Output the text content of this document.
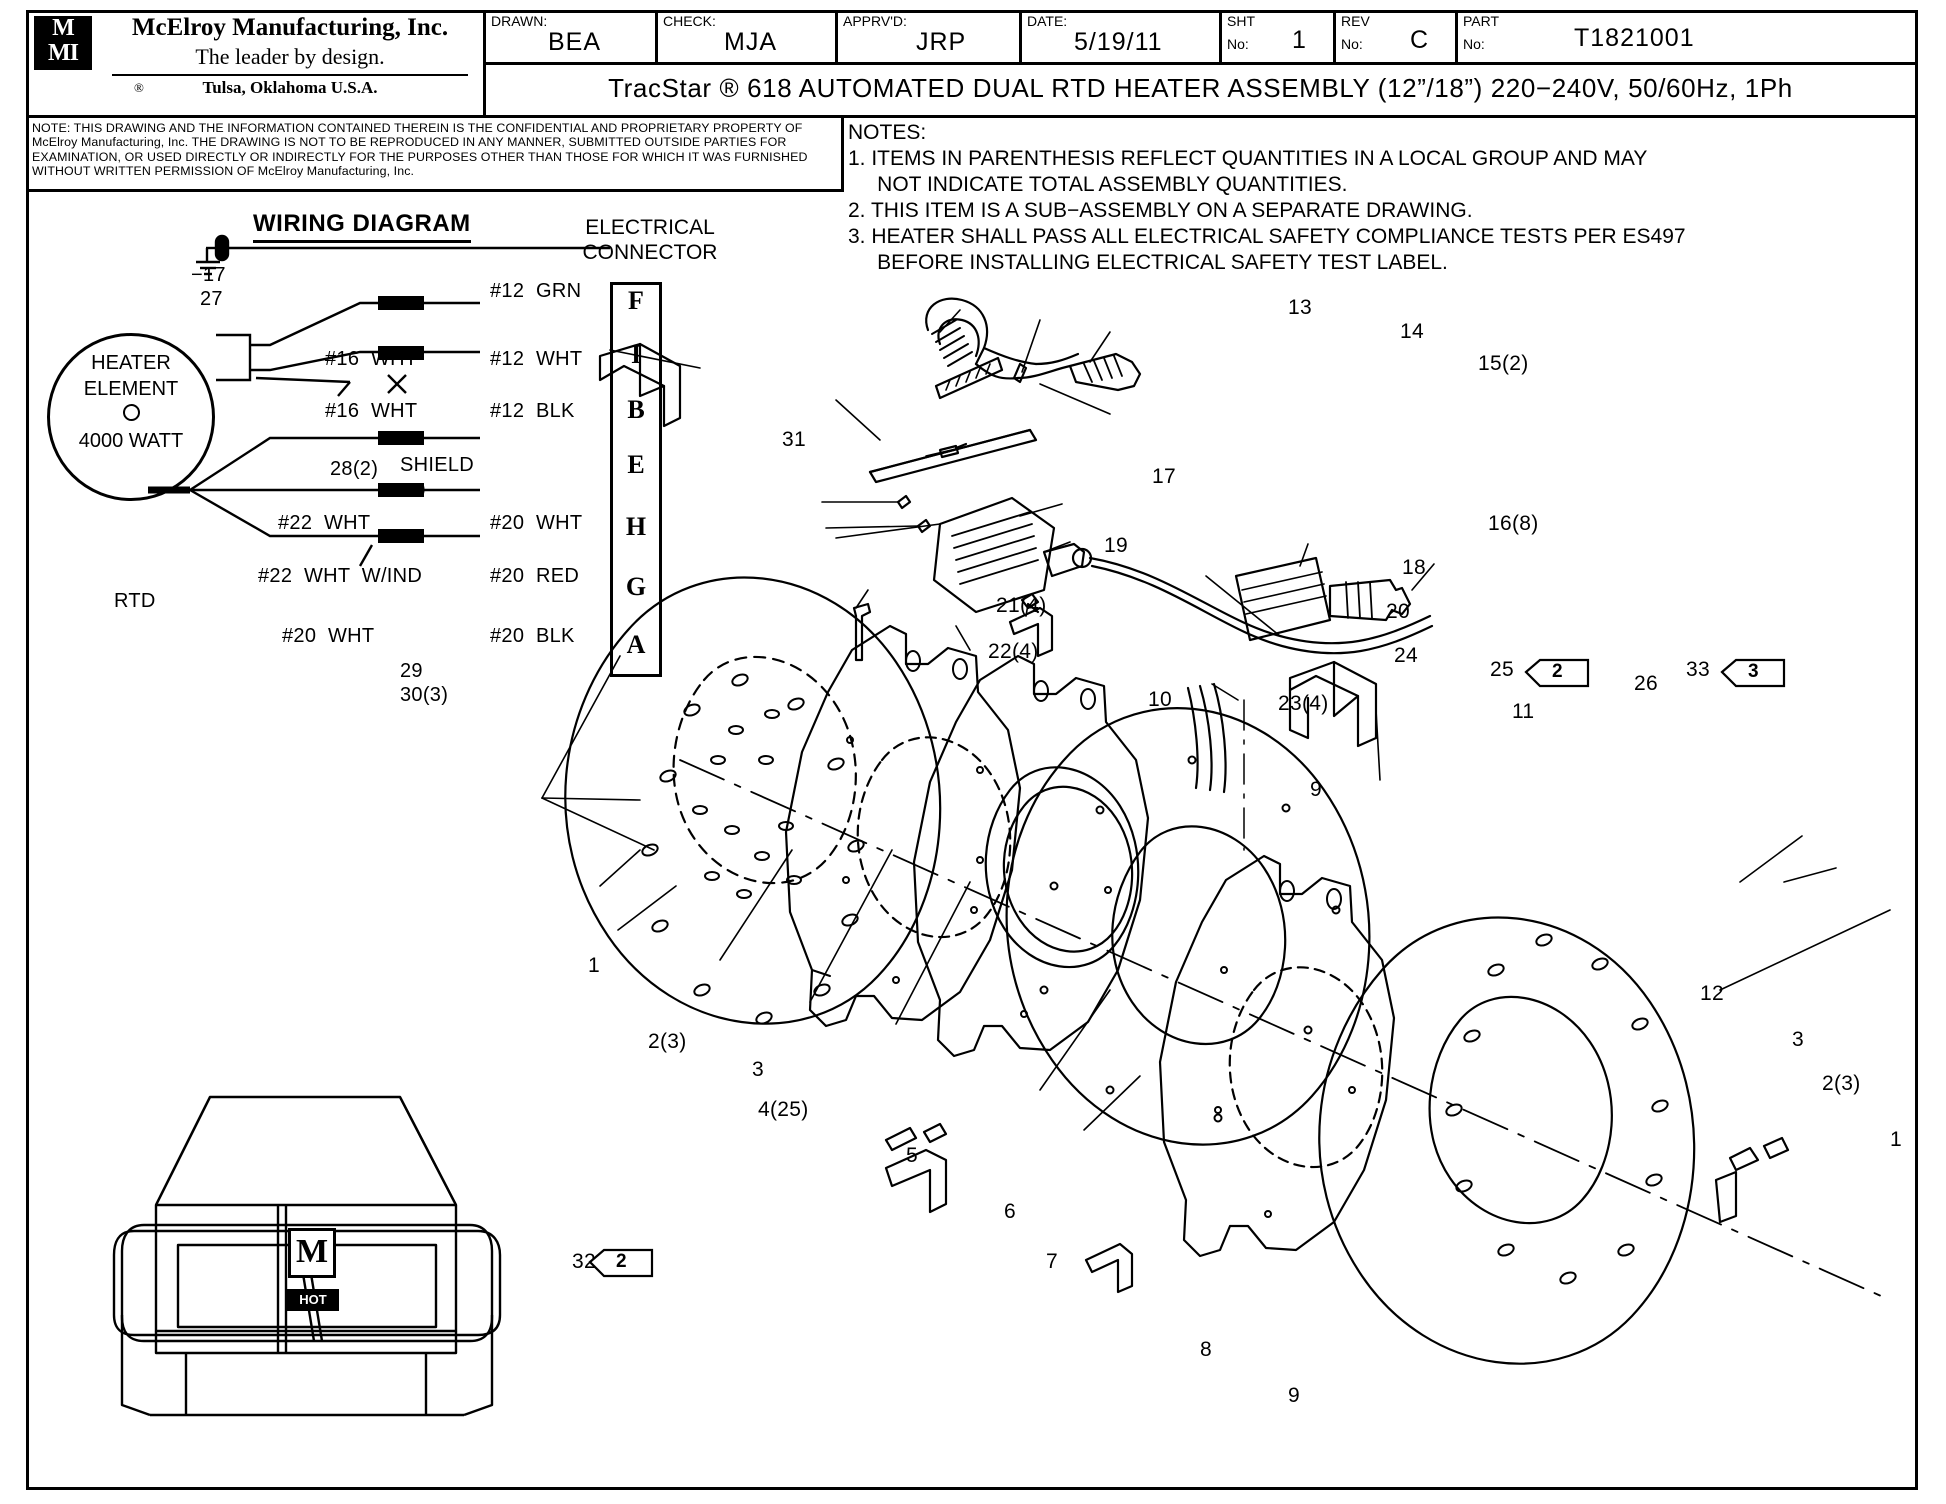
M
MI
McElroy Manufacturing, Inc.
The leader by design.
®	Tulsa, Oklahoma U.S.A.
DRAWN:
BEA
CHECK:
MJA
APPRV'D:
JRP
DATE:
5/19/11
SHT
No: 1
REV
No: C
PART
No:	T1821001
TracStar ® 618 AUTOMATED DUAL RTD HEATER ASSEMBLY (12”/18”) 220−240V, 50/60Hz, 1Ph
NOTE: THIS DRAWING AND THE INFORMATION CONTAINED THEREIN IS THE CONFIDENTIAL AND PROPRIETARY PROPERTY OF McElroy Manufacturing, Inc. THE DRAWING IS NOT TO BE REPRODUCED IN ANY MANNER, SUBMITTED OUTSIDE PARTIES FOR EXAMINATION, OR USED DIRECTLY OR INDIRECTLY FOR THE PURPOSES OTHER THAN THOSE FOR WHICH IT WAS FURNISHED WITHOUT WRITTEN PERMISSION OF McElroy Manufacturing, Inc.
NOTES:
1. ITEMS IN PARENTHESIS REFLECT QUANTITIES IN A LOCAL GROUP AND MAY
NOT INDICATE TOTAL ASSEMBLY QUANTITIES.
2. THIS ITEM IS A SUB−ASSEMBLY ON A SEPARATE DRAWING.
3. HEATER SHALL PASS ALL ELECTRICAL SAFETY COMPLIANCE TESTS PER ES497
BEFORE INSTALLING ELECTRICAL SAFETY TEST LABEL.
WIRING DIAGRAM	ELECTRICAL
CONNECTOR
HEATER
ELEMENT

4000 WATT
F
I
B
E
H
G
A
−17
27	#12  GRN
#16  WHT	#12  WHT
#16  WHT	#12  BLK
28(2) SHIELD
29
#22  WHT	#20  WHT
#22  WHT  W/IND	#20  RED
#20  WHT	#20  BLK
29
30(3)
RTD
1
2(3)
3
4(25)
5
6
7
8
9
9
10
11
12
13
14
15(2)
16(8)
17
18
19
20
21(4)
22(4)
23(4)
24
25
26
31
33
3
2(3)
1
2	3
32 2
M
HOT
